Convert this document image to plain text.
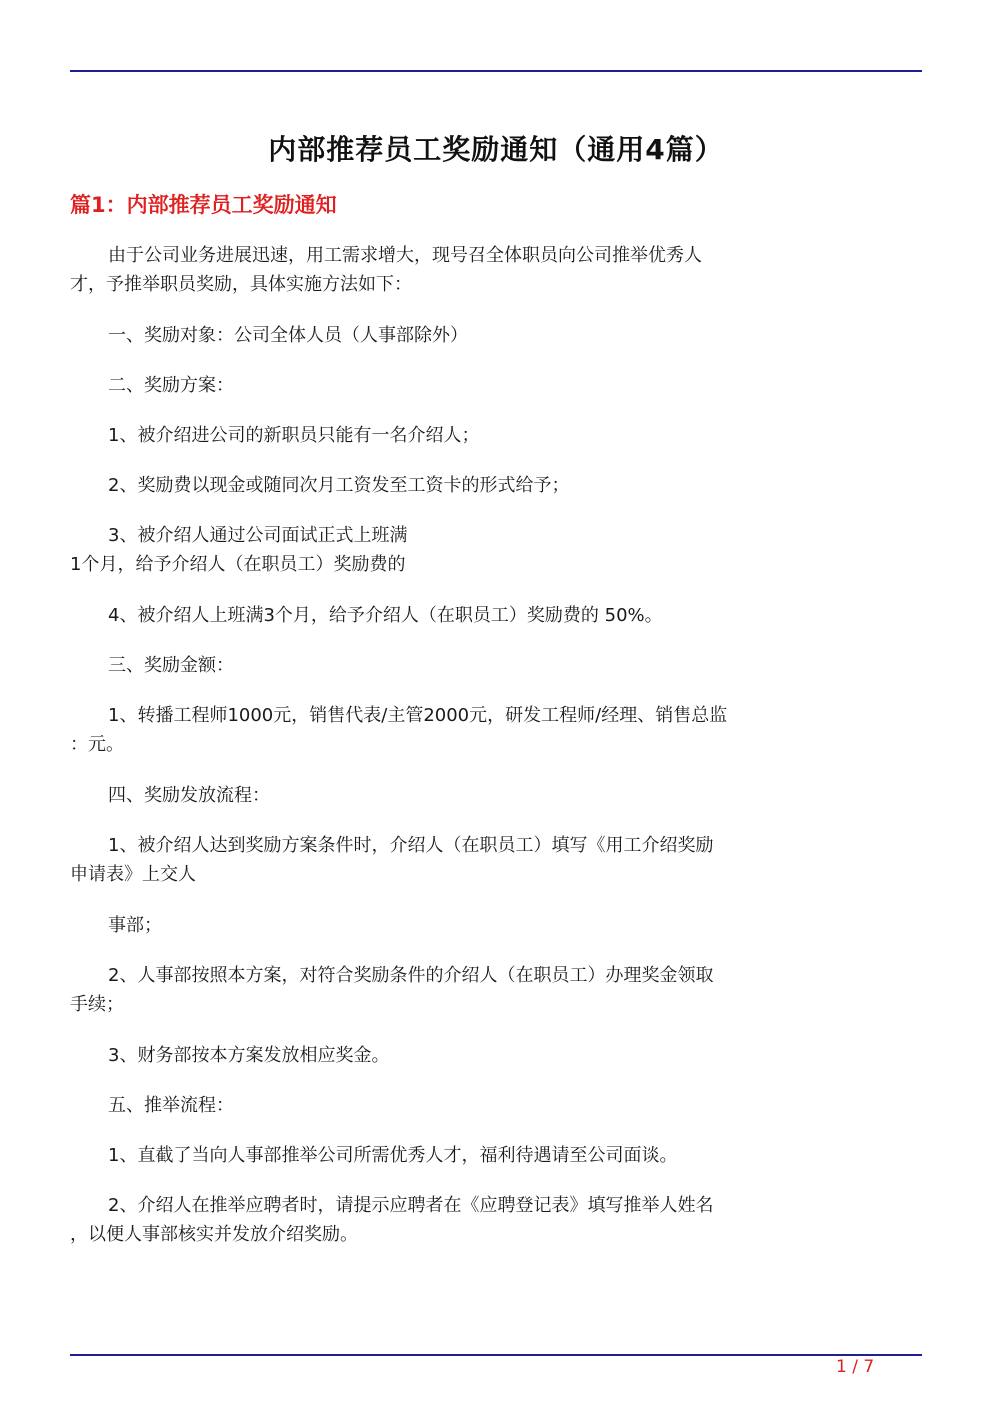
内部推荐员工奖励通知（通用4篇）
篇1：内部推荐员工奖励通知
由于公司业务进展迅速，用工需求增大，现号召全体职员向公司推举优秀人
才，予推举职员奖励，具体实施方法如下：
一、奖励对象：公司全体人员（人事部除外）
二、奖励方案：
1、被介绍进公司的新职员只能有一名介绍人；
2、奖励费以现金或随同次月工资发至工资卡的形式给予；
3、被介绍人通过公司面试正式上班满
1个月，给予介绍人（在职员工）奖励费的
4、被介绍人上班满3个月，给予介绍人（在职员工）奖励费的 50%。
三、奖励金额：
1、转播工程师1000元，销售代表/主管2000元，研发工程师/经理、销售总监
：元。
四、奖励发放流程：
1、被介绍人达到奖励方案条件时，介绍人（在职员工）填写《用工介绍奖励
申请表》上交人
事部；
2、人事部按照本方案，对符合奖励条件的介绍人（在职员工）办理奖金领取
手续；
3、财务部按本方案发放相应奖金。
五、推举流程：
1、直截了当向人事部推举公司所需优秀人才，福利待遇请至公司面谈。
2、介绍人在推举应聘者时，请提示应聘者在《应聘登记表》填写推举人姓名
，以便人事部核实并发放介绍奖励。
1 / 7
